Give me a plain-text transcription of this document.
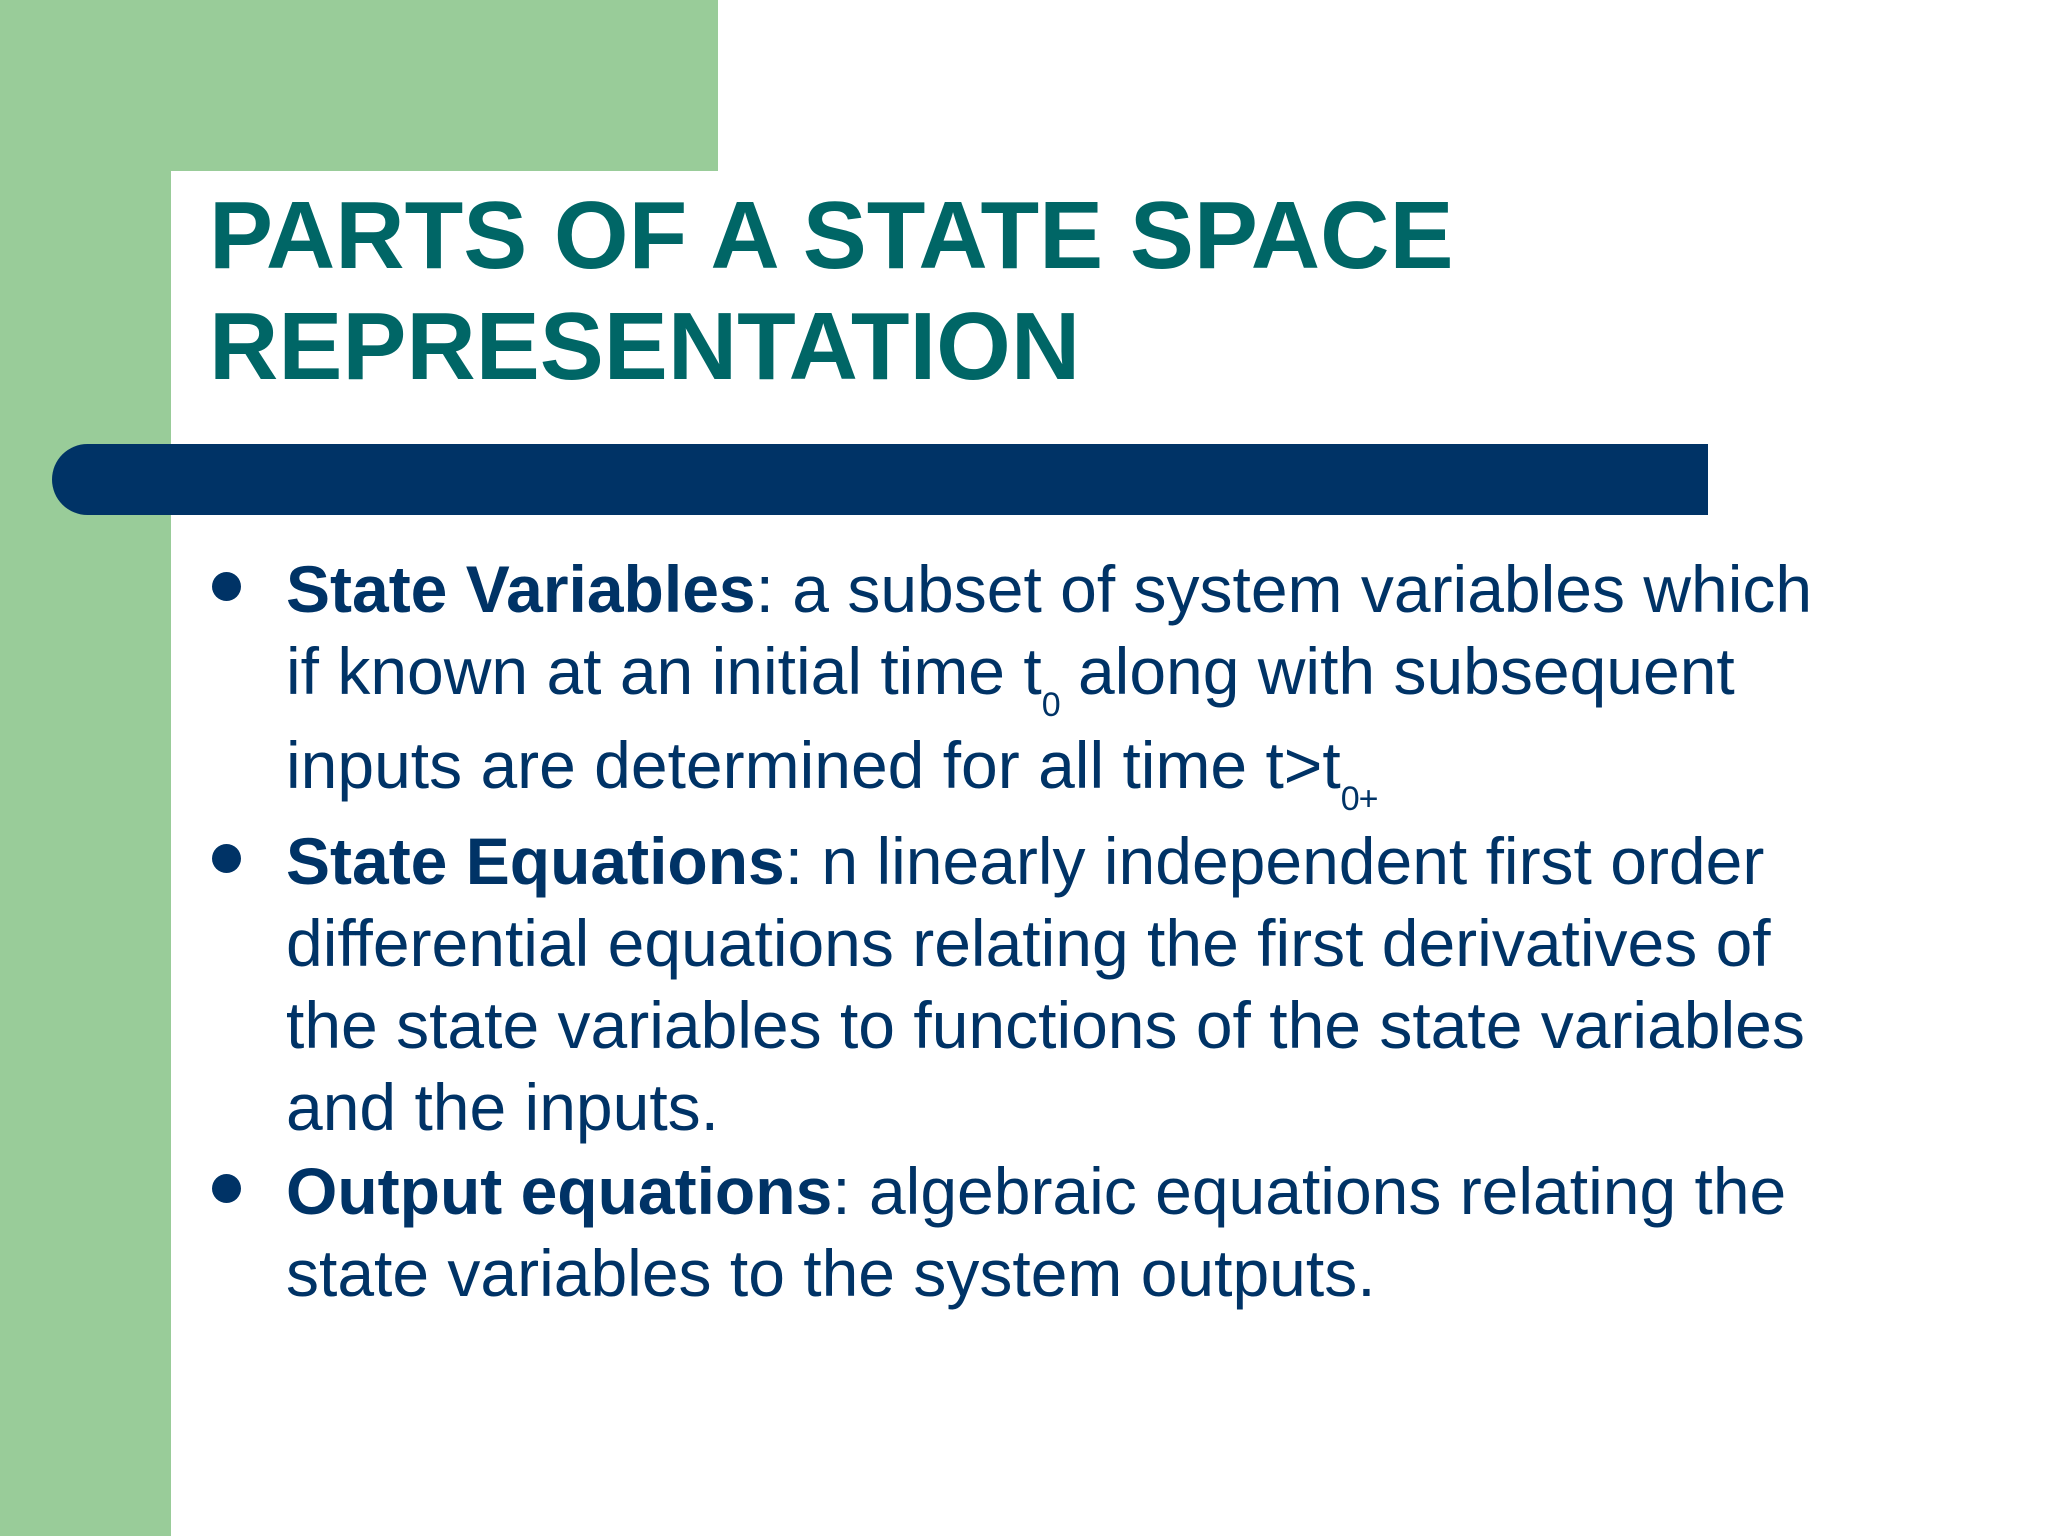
PARTS OF A STATE SPACE
REPRESENTATION
State Variables: a subset of system variables which
if known at an initial time $t_0$ along with subsequent
inputs are determined for all time $t>t_{0+}$
State Equations: n linearly independent first order
differential equations relating the first derivatives of
the state variables to functions of the state variables
and the inputs.
Output equations: algebraic equations relating the
state variables to the system outputs.
